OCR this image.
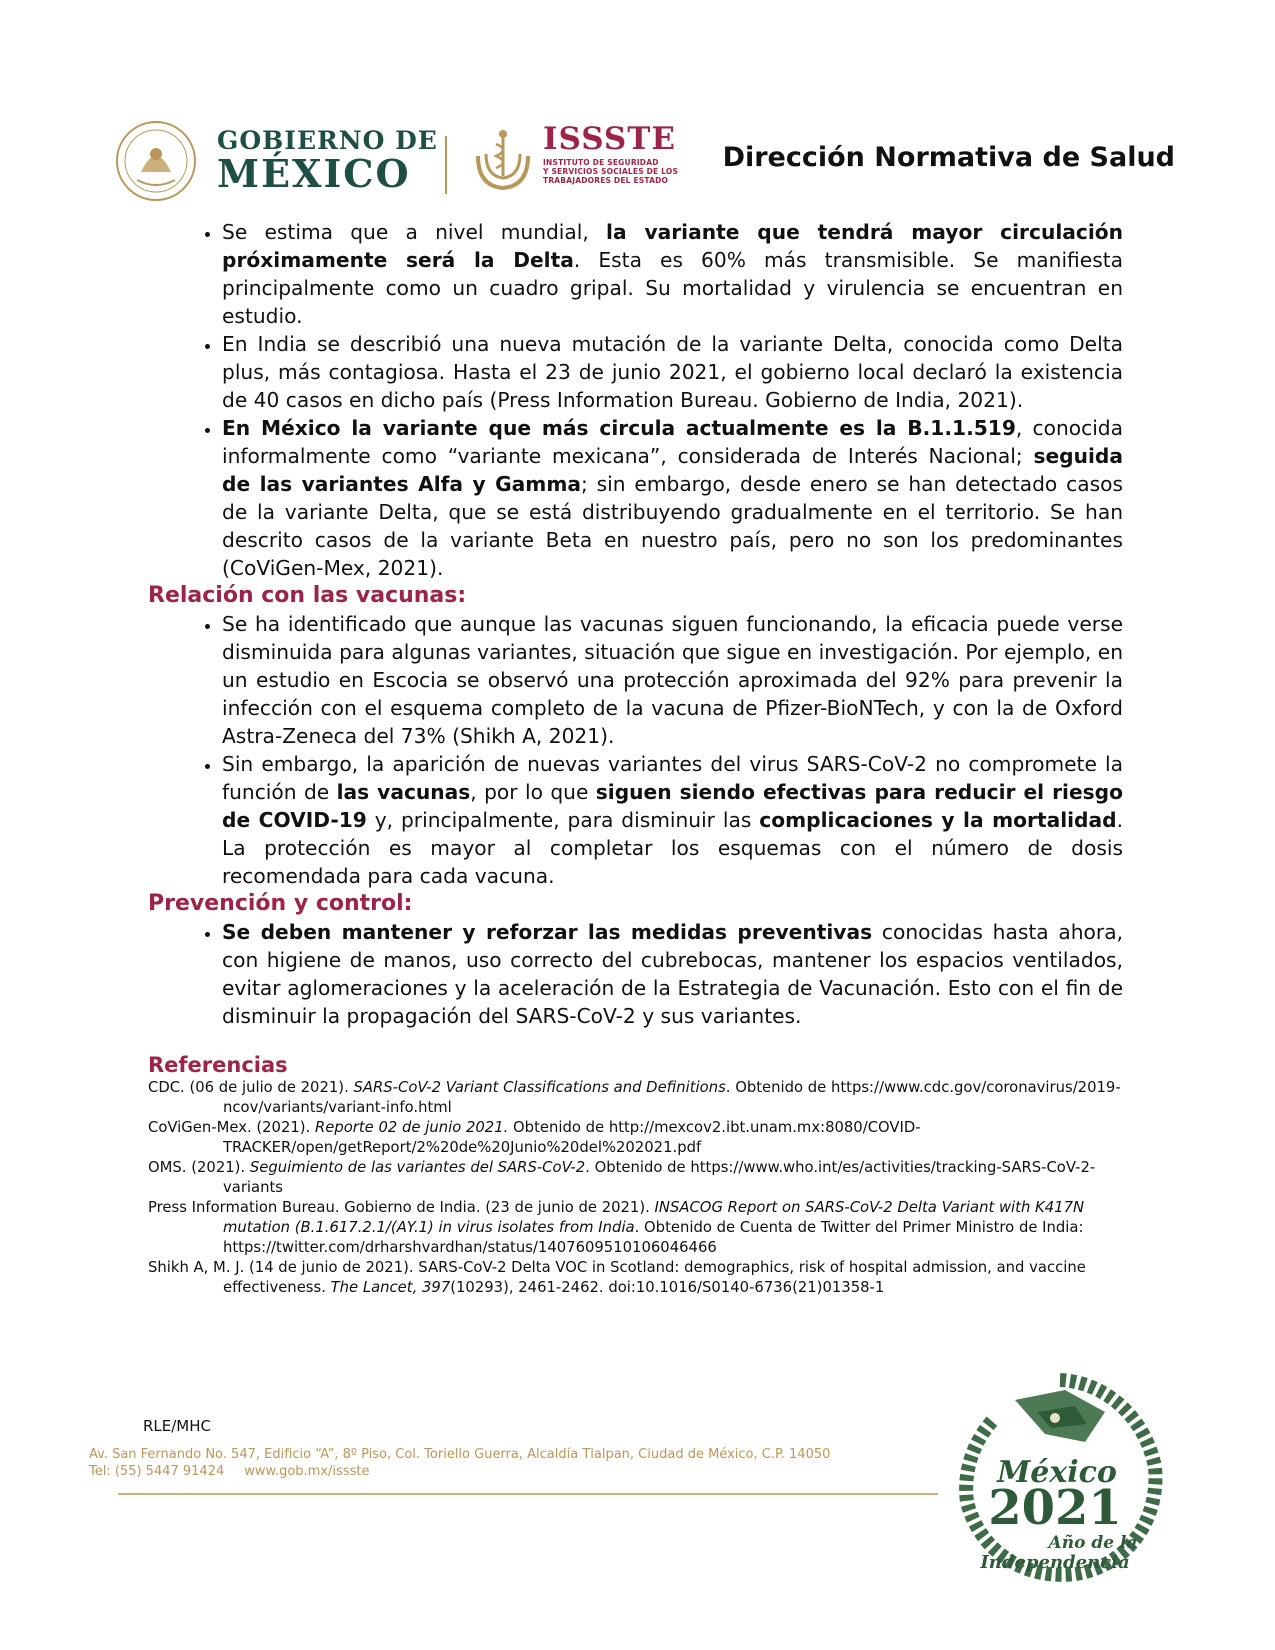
GOBIERNO DE
MÉXICO
ISSSTE
INSTITUTO DE SEGURIDAD
Y SERVICIOS SOCIALES DE LOS
TRABAJADORES DEL ESTADO
Dirección Normativa de Salud
• Se estima que a nivel mundial, la variante que tendrá mayor circulación próximamente será la Delta. Esta es 60% más transmisible. Se manifiesta principalmente como un cuadro gripal. Su mortalidad y virulencia se encuentran en estudio.
• En India se describió una nueva mutación de la variante Delta, conocida como Delta plus, más contagiosa. Hasta el 23 de junio 2021, el gobierno local declaró la existencia de 40 casos en dicho país (Press Information Bureau. Gobierno de India, 2021).
• En México la variante que más circula actualmente es la B.1.1.519, conocida informalmente como “variante mexicana”, considerada de Interés Nacional; seguida de las variantes Alfa y Gamma; sin embargo, desde enero se han detectado casos de la variante Delta, que se está distribuyendo gradualmente en el territorio. Se han descrito casos de la variante Beta en nuestro país, pero no son los predominantes (CoViGen-Mex, 2021).
Relación con las vacunas:
• Se ha identificado que aunque las vacunas siguen funcionando, la eficacia puede verse disminuida para algunas variantes, situación que sigue en investigación. Por ejemplo, en un estudio en Escocia se observó una protección aproximada del 92% para prevenir la infección con el esquema completo de la vacuna de Pfizer-BioNTech, y con la de Oxford Astra-Zeneca del 73% (Shikh A, 2021).
• Sin embargo, la aparición de nuevas variantes del virus SARS-CoV-2 no compromete la función de las vacunas, por lo que siguen siendo efectivas para reducir el riesgo de COVID-19 y, principalmente, para disminuir las complicaciones y la mortalidad. La protección es mayor al completar los esquemas con el número de dosis recomendada para cada vacuna.
Prevención y control:
• Se deben mantener y reforzar las medidas preventivas conocidas hasta ahora, con higiene de manos, uso correcto del cubrebocas, mantener los espacios ventilados, evitar aglomeraciones y la aceleración de la Estrategia de Vacunación. Esto con el fin de disminuir la propagación del SARS-CoV-2 y sus variantes.
Referencias

CDC. (06 de julio de 2021). SARS-CoV-2 Variant Classifications and Definitions. Obtenido de https://www.cdc.gov/coronavirus/2019-ncov/variants/variant-info.html

CoViGen-Mex. (2021). Reporte 02 de junio 2021. Obtenido de http://mexcov2.ibt.unam.mx:8080/COVID-TRACKER/open/getReport/2%20de%20Junio%20del%202021.pdf

OMS. (2021). Seguimiento de las variantes del SARS-CoV-2. Obtenido de https://www.who.int/es/activities/tracking-SARS-CoV-2-variants

Press Information Bureau. Gobierno de India. (23 de junio de 2021). INSACOG Report on SARS-CoV-2 Delta Variant with K417N mutation (B.1.617.2.1/(AY.1) in virus isolates from India. Obtenido de Cuenta de Twitter del Primer Ministro de India: https://twitter.com/drharshvardhan/status/1407609510106046466

Shikh A, M. J. (14 de junio de 2021). SARS-CoV-2 Delta VOC in Scotland: demographics, risk of hospital admission, and vaccine effectiveness. The Lancet, 397(10293), 2461-2462. doi:10.1016/S0140-6736(21)01358-1

RLE/MHC
Av. San Fernando No. 547, Edificio “A”, 8º Piso, Col. Toriello Guerra, Alcaldía Tlalpan, Ciudad de México, C.P. 14050
Tel: (55) 5447 91424 www.gob.mx/issste	México
2021
Año de la
Independencia
